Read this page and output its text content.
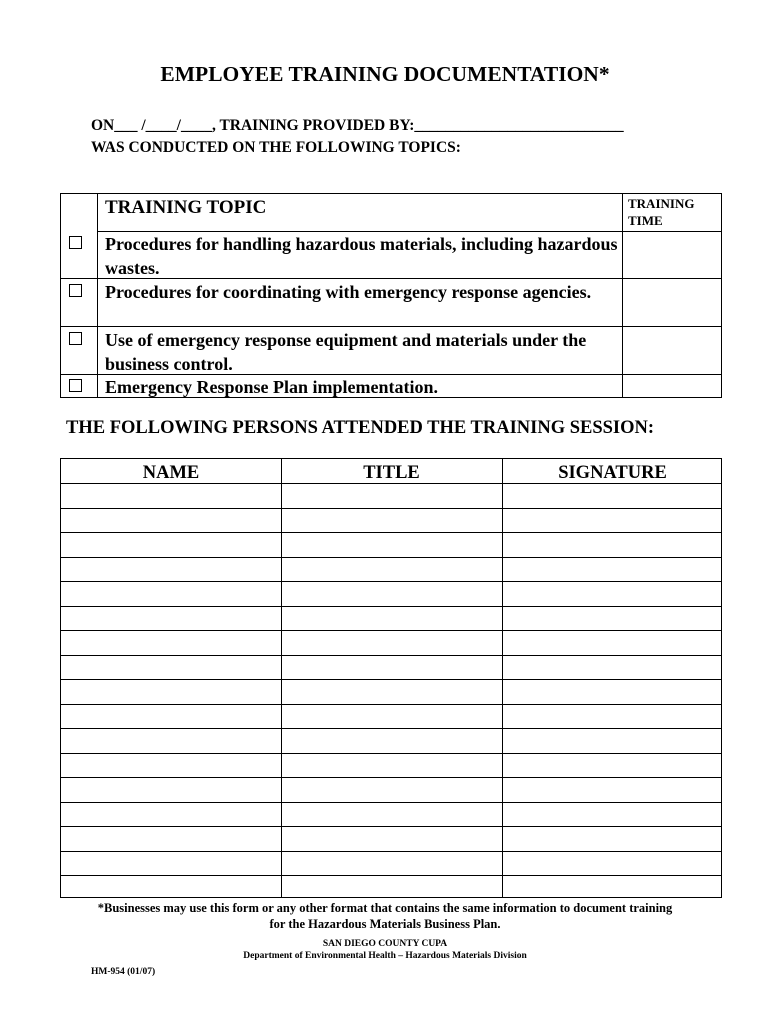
EMPLOYEE TRAINING DOCUMENTATION*
ON___ /____/____, TRAINING PROVIDED BY:___________________________
WAS CONDUCTED ON THE FOLLOWING TOPICS:
TRAINING TOPIC	TRAINING TIME
Procedures for handling hazardous materials, including hazardous wastes.
Procedures for coordinating with emergency response agencies.
Use of emergency response equipment and materials under the business control.
Emergency Response Plan implementation.
THE FOLLOWING PERSONS ATTENDED THE TRAINING SESSION:
NAME	TITLE	SIGNATURE
*Businesses may use this form or any other format that contains the same information to document training
for the Hazardous Materials Business Plan.
SAN DIEGO COUNTY CUPA
Department of Environmental Health – Hazardous Materials Division
HM-954 (01/07)
